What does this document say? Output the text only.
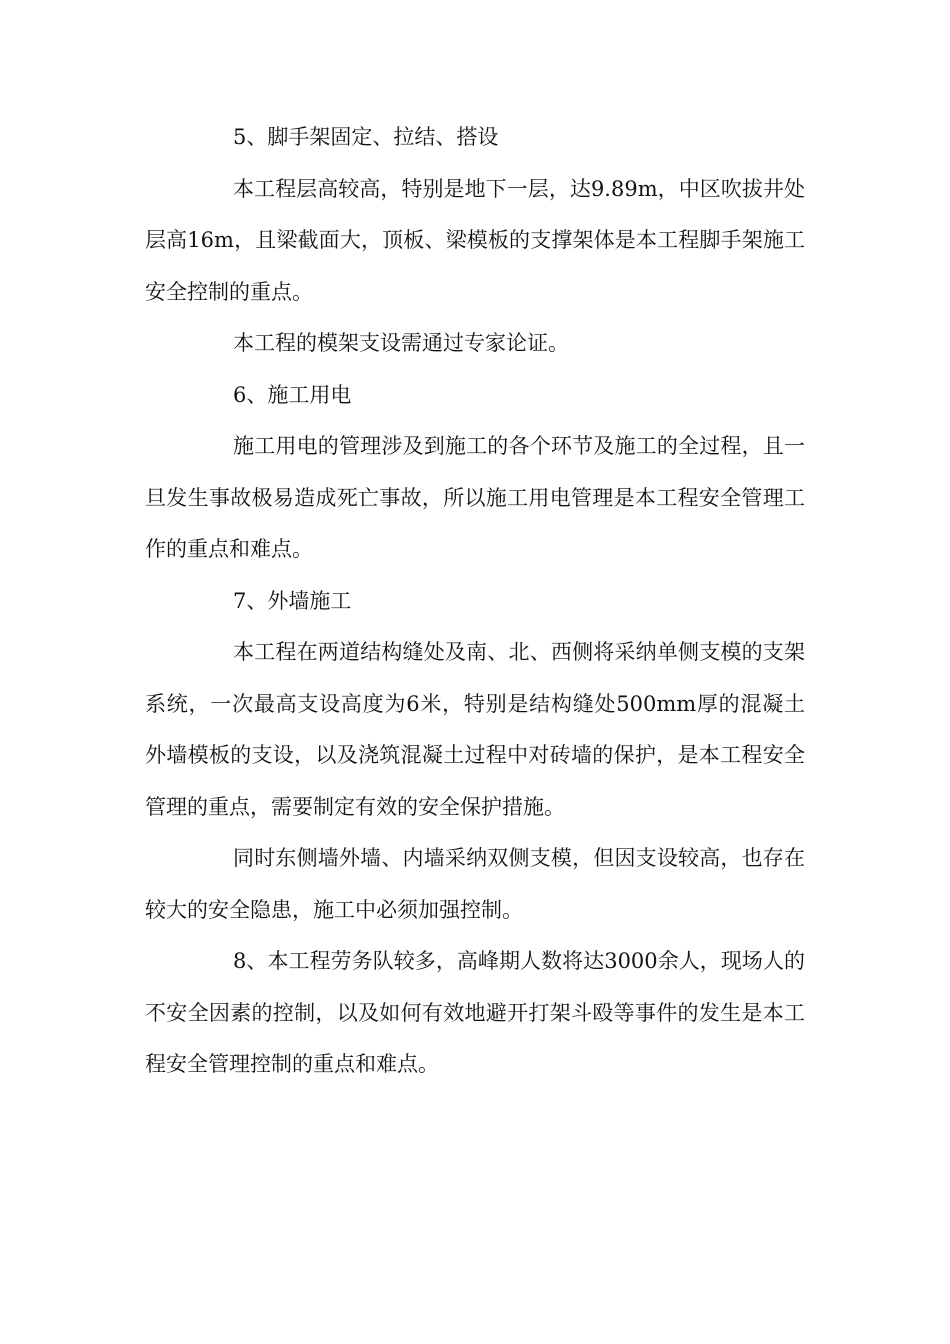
5、脚手架固定、拉结、搭设

本工程层高较高，特别是地下一层，达9.89m，中区吹拔井处层高16m，且梁截面大，顶板、梁模板的支撑架体是本工程脚手架施工安全控制的重点。

本工程的模架支设需通过专家论证。

6、施工用电

施工用电的管理涉及到施工的各个环节及施工的全过程，且一旦发生事故极易造成死亡事故，所以施工用电管理是本工程安全管理工作的重点和难点。

7、外墙施工

本工程在两道结构缝处及南、北、西侧将采纳单侧支模的支架系统，一次最高支设高度为6米，特别是结构缝处500mm厚的混凝土外墙模板的支设，以及浇筑混凝土过程中对砖墙的保护，是本工程安全管理的重点，需要制定有效的安全保护措施。

同时东侧墙外墙、内墙采纳双侧支模，但因支设较高，也存在较大的安全隐患，施工中必须加强控制。

8、本工程劳务队较多，高峰期人数将达3000余人，现场人的不安全因素的控制，以及如何有效地避开打架斗殴等事件的发生是本工程安全管理控制的重点和难点。
